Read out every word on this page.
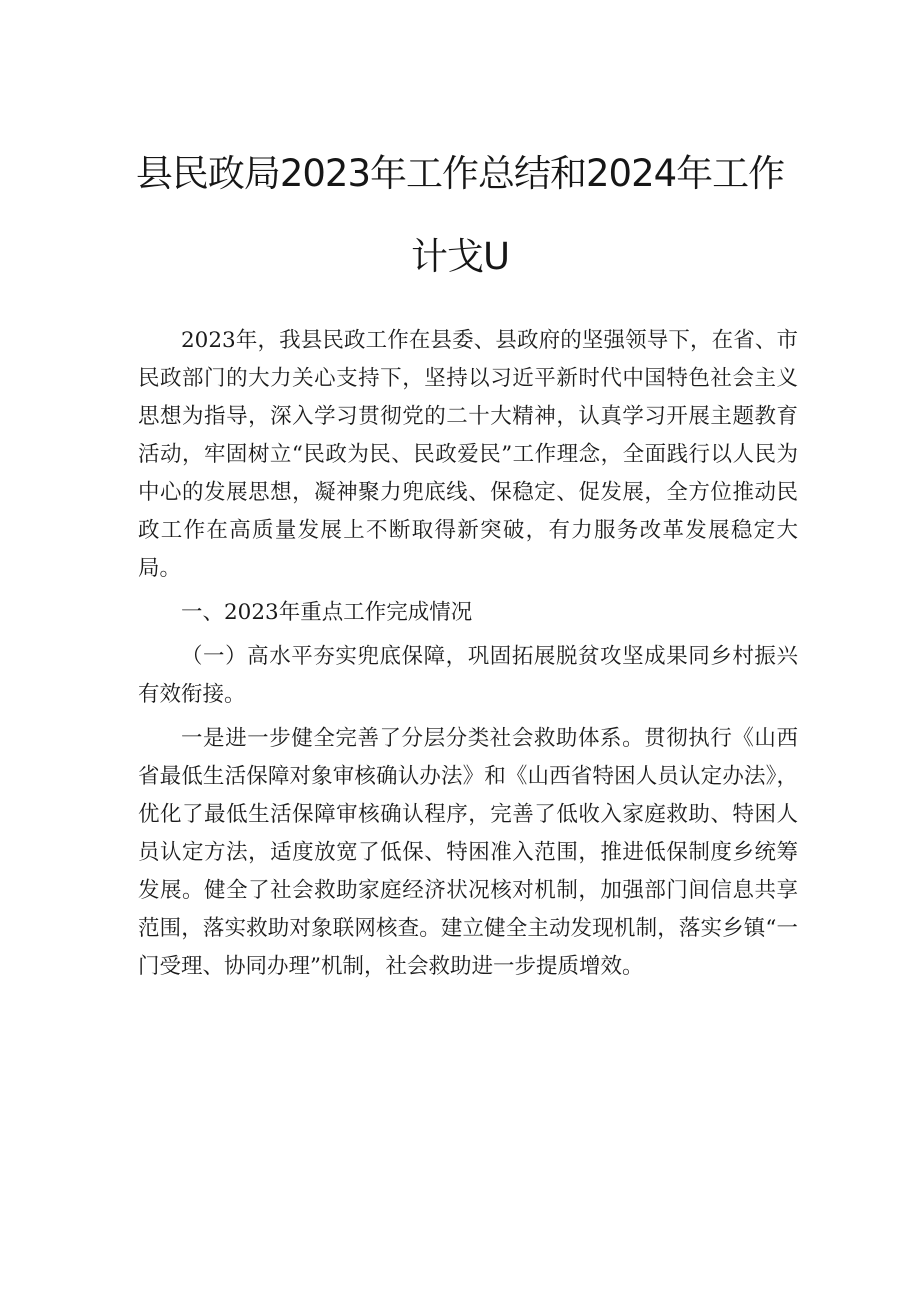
县民政局2023年工作总结和2024年工作
计戈U

2023年，我县民政工作在县委、县政府的坚强领导下，在省、市民政部门的大力关心支持下，坚持以习近平新时代中国特色社会主义思想为指导，深入学习贯彻党的二十大精神，认真学习开展主题教育活动，牢固树立“民政为民、民政爱民”工作理念，全面践行以人民为中心的发展思想，凝神聚力兜底线、保稳定、促发展，全方位推动民政工作在高质量发展上不断取得新突破，有力服务改革发展稳定大局。

一、2023年重点工作完成情况

（一）高水平夯实兜底保障，巩固拓展脱贫攻坚成果同乡村振兴有效衔接。

一是进一步健全完善了分层分类社会救助体系。贯彻执行《山西省最低生活保障对象审核确认办法》和《山西省特困人员认定办法》，优化了最低生活保障审核确认程序，完善了低收入家庭救助、特困人员认定方法，适度放宽了低保、特困准入范围，推进低保制度乡统筹发展。健全了社会救助家庭经济状况核对机制，加强部门间信息共享范围，落实救助对象联网核查。建立健全主动发现机制，落实乡镇“一门受理、协同办理”机制，社会救助进一步提质增效。
